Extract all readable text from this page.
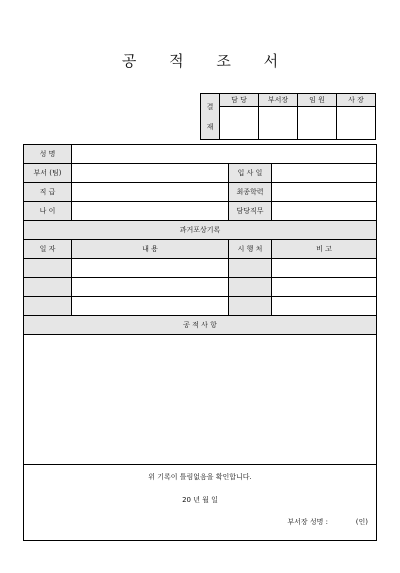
공 적 조 서
결

재	담 당	부서장	임 원	사 장

성 명			
부서 (팀)		입 사 일	
직 급		최종학력	
나 이		담당직무	
과거포상기록			
일 자	내 용	시 행 처	비 고

공 적 사 항			

위 기록이 틀림없음을 확인합니다.
20 년 월 일
부서장 성명 : (인)			
